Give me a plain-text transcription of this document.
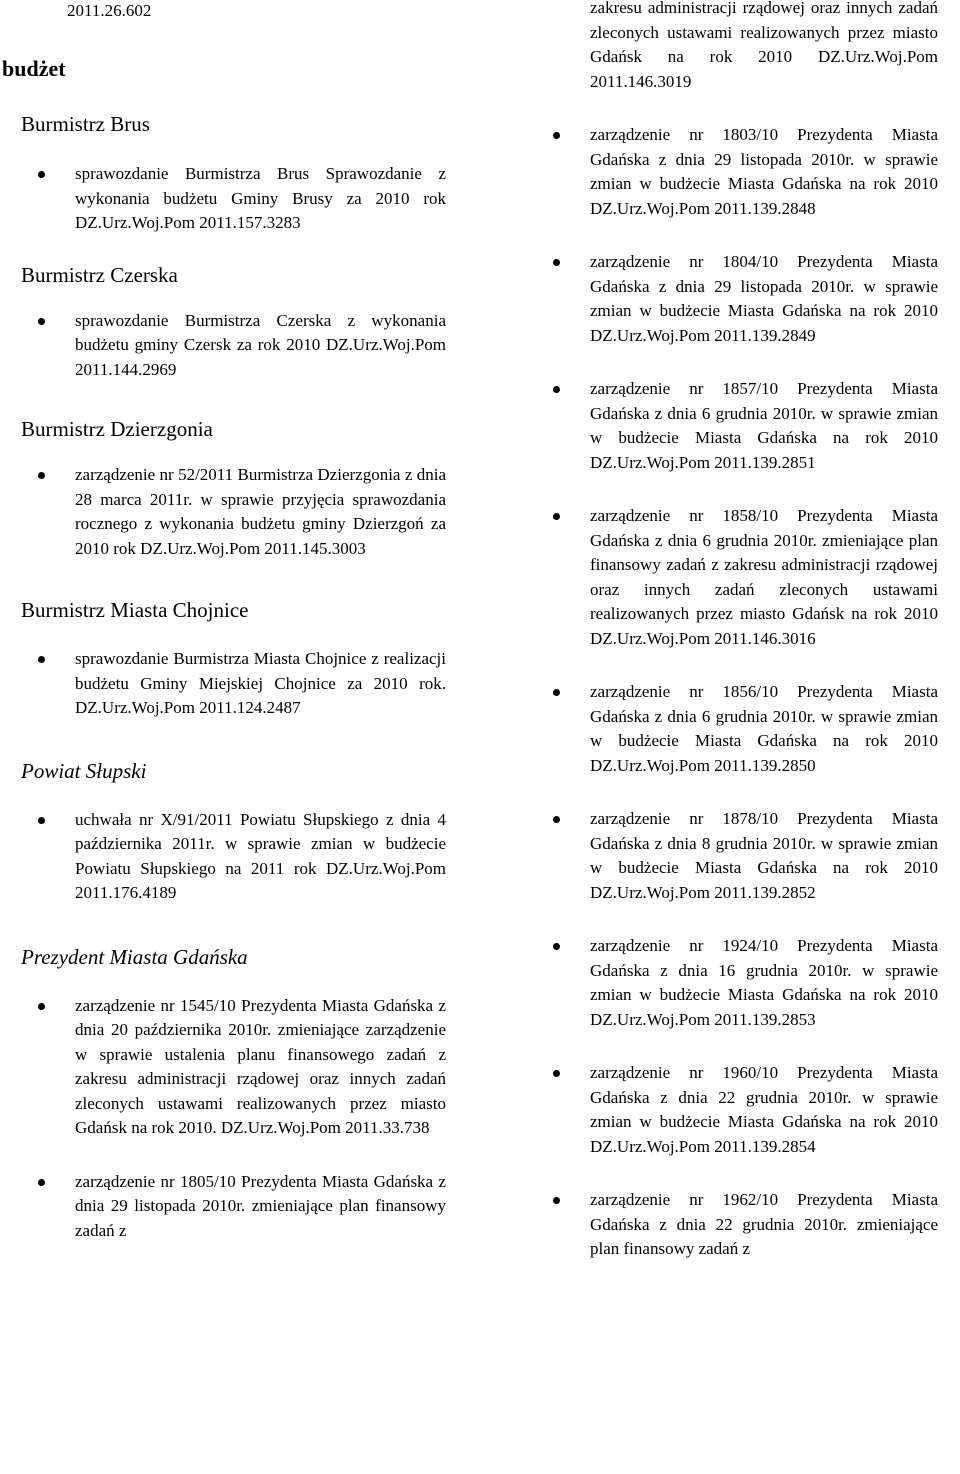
2011.26.602
budżet
Burmistrz Brus
sprawozdanie Burmistrza Brus Sprawozdanie z wykonania budżetu Gminy Brusy za 2010 rok DZ.Urz.Woj.Pom 2011.157.3283
Burmistrz Czerska
sprawozdanie Burmistrza Czerska z wykonania budżetu gminy Czersk za rok 2010 DZ.Urz.Woj.Pom 2011.144.2969
Burmistrz Dzierzgonia
zarządzenie nr 52/2011 Burmistrza Dzierzgonia z dnia 28 marca 2011r. w sprawie przyjęcia sprawozdania rocznego z wykonania budżetu gminy Dzierzgoń za 2010 rok DZ.Urz.Woj.Pom 2011.145.3003
Burmistrz Miasta Chojnice
sprawozdanie Burmistrza Miasta Chojnice z realizacji budżetu Gminy Miejskiej Chojnice za 2010 rok. DZ.Urz.Woj.Pom 2011.124.2487
Powiat Słupski
uchwała nr X/91/2011 Powiatu Słupskiego z dnia 4 października 2011r. w sprawie zmian w budżecie Powiatu Słupskiego na 2011 rok DZ.Urz.Woj.Pom 2011.176.4189
Prezydent Miasta Gdańska
zarządzenie nr 1545/10 Prezydenta Miasta Gdańska z dnia 20 października 2010r. zmieniające zarządzenie w sprawie ustalenia planu finansowego zadań z zakresu administracji rządowej oraz innych zadań zleconych ustawami realizowanych przez miasto Gdańsk na rok 2010. DZ.Urz.Woj.Pom 2011.33.738
zarządzenie nr 1805/10 Prezydenta Miasta Gdańska z dnia 29 listopada 2010r. zmieniające plan finansowy zadań z
zakresu administracji rządowej oraz innych zadań zleconych ustawami realizowanych przez miasto Gdańsk na rok 2010 DZ.Urz.Woj.Pom 2011.146.3019
zarządzenie nr 1803/10 Prezydenta Miasta Gdańska z dnia 29 listopada 2010r. w sprawie zmian w budżecie Miasta Gdańska na rok 2010 DZ.Urz.Woj.Pom 2011.139.2848
zarządzenie nr 1804/10 Prezydenta Miasta Gdańska z dnia 29 listopada 2010r. w sprawie zmian w budżecie Miasta Gdańska na rok 2010 DZ.Urz.Woj.Pom 2011.139.2849
zarządzenie nr 1857/10 Prezydenta Miasta Gdańska z dnia 6 grudnia 2010r. w sprawie zmian w budżecie Miasta Gdańska na rok 2010 DZ.Urz.Woj.Pom 2011.139.2851
zarządzenie nr 1858/10 Prezydenta Miasta Gdańska z dnia 6 grudnia 2010r. zmieniające plan finansowy zadań z zakresu administracji rządowej oraz innych zadań zleconych ustawami realizowanych przez miasto Gdańsk na rok 2010 DZ.Urz.Woj.Pom 2011.146.3016
zarządzenie nr 1856/10 Prezydenta Miasta Gdańska z dnia 6 grudnia 2010r. w sprawie zmian w budżecie Miasta Gdańska na rok 2010 DZ.Urz.Woj.Pom 2011.139.2850
zarządzenie nr 1878/10 Prezydenta Miasta Gdańska z dnia 8 grudnia 2010r. w sprawie zmian w budżecie Miasta Gdańska na rok 2010 DZ.Urz.Woj.Pom 2011.139.2852
zarządzenie nr 1924/10 Prezydenta Miasta Gdańska z dnia 16 grudnia 2010r. w sprawie zmian w budżecie Miasta Gdańska na rok 2010 DZ.Urz.Woj.Pom 2011.139.2853
zarządzenie nr 1960/10 Prezydenta Miasta Gdańska z dnia 22 grudnia 2010r. w sprawie zmian w budżecie Miasta Gdańska na rok 2010 DZ.Urz.Woj.Pom 2011.139.2854
zarządzenie nr 1962/10 Prezydenta Miasta Gdańska z dnia 22 grudnia 2010r. zmieniające plan finansowy zadań z
